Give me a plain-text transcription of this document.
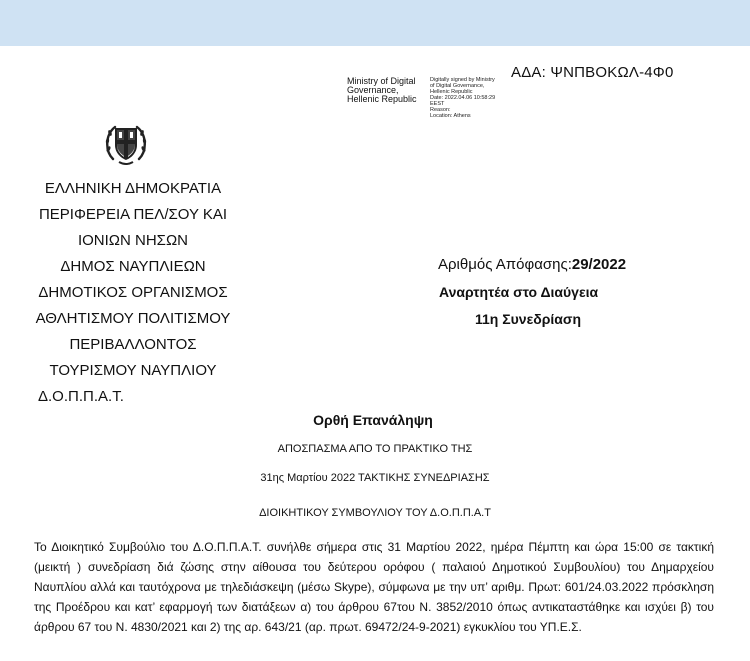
ΑΔΑ: ΨΝΠΒΟΚΩΛ-4Φ0
Ministry of Digital
Governance,
Hellenic Republic
Digitally signed by Ministry
of Digital Governance,
Hellenic Republic
Date: 2022.04.06 10:58:29
EEST
Reason:
Location: Athens
ΕΛΛΗΝΙΚΗ ΔΗΜΟΚΡΑΤΙΑ
ΠΕΡΙΦΕΡΕΙΑ ΠΕΛ/ΣΟΥ ΚΑΙ
ΙΟΝΙΩΝ ΝΗΣΩΝ
ΔΗΜΟΣ ΝΑΥΠΛΙΕΩΝ
ΔΗΜΟΤΙΚΟΣ ΟΡΓΑΝΙΣΜΟΣ
ΑΘΛΗΤΙΣΜΟΥ ΠΟΛΙΤΙΣΜΟΥ
ΠΕΡΙΒΑΛΛΟΝΤΟΣ
ΤΟΥΡΙΣΜΟΥ ΝΑΥΠΛΙΟΥ
Δ.Ο.Π.Π.Α.Τ.
Αριθμός Απόφασης:29/2022
Αναρτητέα στο Διαύγεια
11η Συνεδρίαση
Ορθή Επανάληψη
ΑΠΟΣΠΑΣΜΑ ΑΠΟ ΤΟ ΠΡΑΚΤΙΚΟ ΤΗΣ
31ης Μαρτίου 2022 ΤΑΚΤΙΚΗΣ ΣΥΝΕΔΡΙΑΣΗΣ
ΔΙΟΙΚΗΤΙΚΟΥ ΣΥΜΒΟΥΛΙΟΥ ΤΟΥ Δ.Ο.Π.Π.Α.Τ
Το Διοικητικό Συμβούλιο του Δ.Ο.Π.Π.Α.Τ. συνήλθε σήμερα στις 31 Μαρτίου 2022, ημέρα Πέμπτη και ώρα 15:00 σε τακτική (μεικτή ) συνεδρίαση διά ζώσης στην αίθουσα του δεύτερου ορόφου ( παλαιού Δημοτικού Συμβουλίου) του Δημαρχείου Ναυπλίου αλλά και ταυτόχρονα με τηλεδιάσκεψη (μέσω Skype), σύμφωνα με την υπ’ αριθμ. Πρωτ: 601/24.03.2022 πρόσκληση της Προέδρου και κατ’ εφαρμογή των διατάξεων α) του άρθρου 67του Ν. 3852/2010 όπως αντικαταστάθηκε και ισχύει β) του άρθρου 67 του Ν. 4830/2021 και 2) της αρ. 643/21 (αρ. πρωτ. 69472/24-9-2021) εγκυκλίου του ΥΠ.Ε.Σ.
